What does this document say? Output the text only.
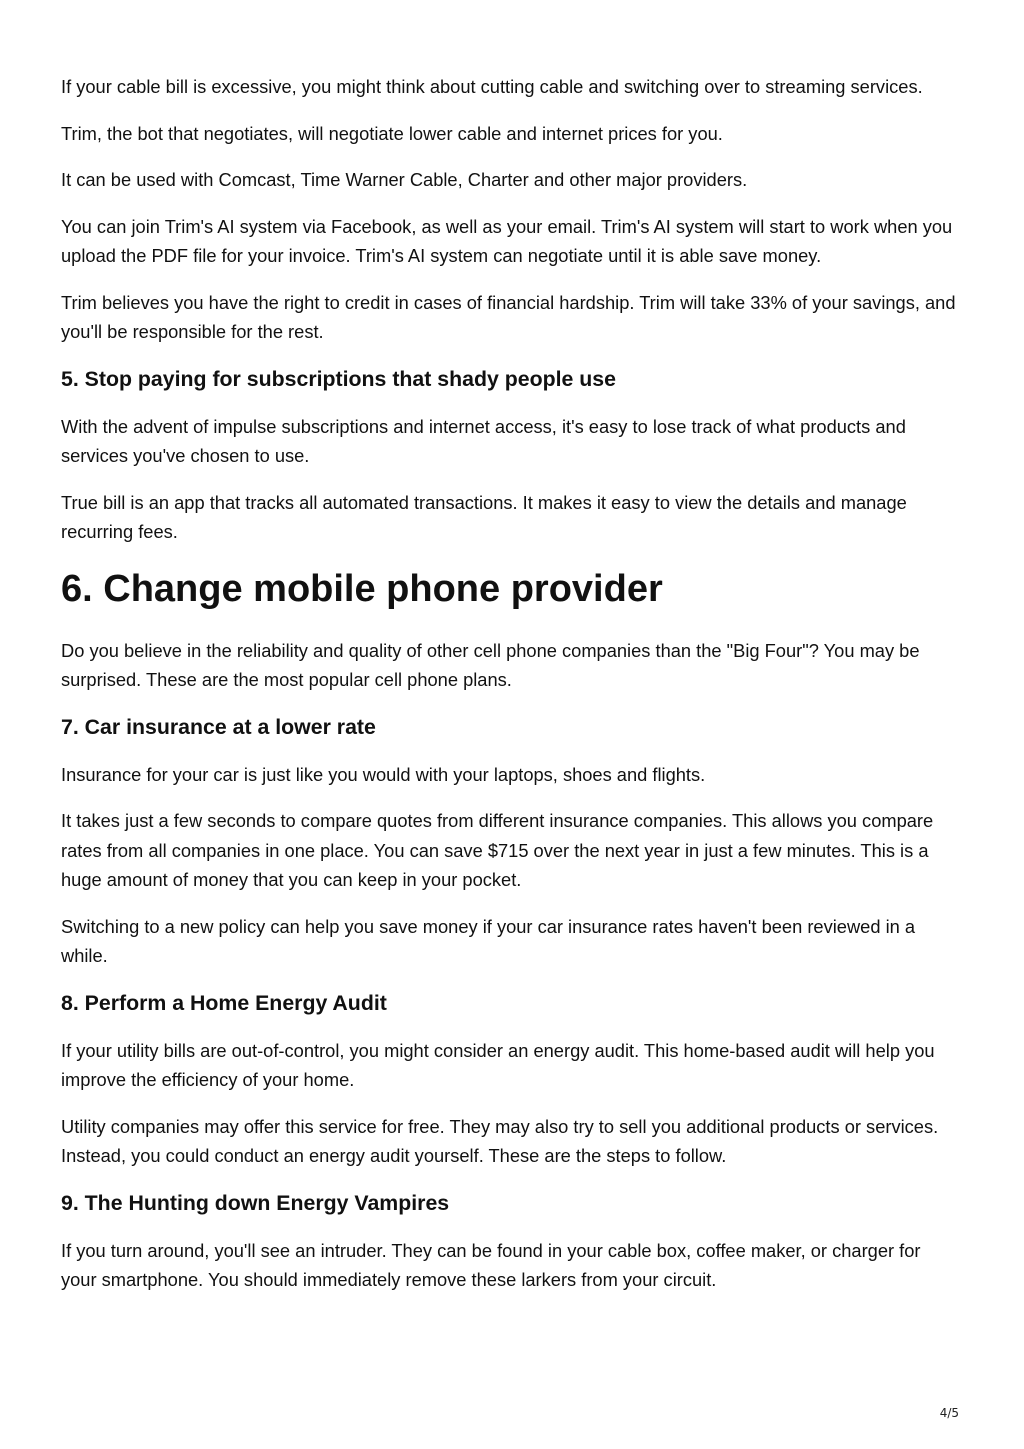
If your cable bill is excessive, you might think about cutting cable and switching over to streaming services.

Trim, the bot that negotiates, will negotiate lower cable and internet prices for you.

It can be used with Comcast, Time Warner Cable, Charter and other major providers.

You can join Trim's AI system via Facebook, as well as your email. Trim's AI system will start to work when you upload the PDF file for your invoice. Trim's AI system can negotiate until it is able save money.

Trim believes you have the right to credit in cases of financial hardship. Trim will take 33% of your savings, and you'll be responsible for the rest.

5. Stop paying for subscriptions that shady people use

With the advent of impulse subscriptions and internet access, it's easy to lose track of what products and services you've chosen to use.

True bill is an app that tracks all automated transactions. It makes it easy to view the details and manage recurring fees.

6. Change mobile phone provider

Do you believe in the reliability and quality of other cell phone companies than the "Big Four"? You may be surprised. These are the most popular cell phone plans.

7. Car insurance at a lower rate

Insurance for your car is just like you would with your laptops, shoes and flights.

It takes just a few seconds to compare quotes from different insurance companies. This allows you compare rates from all companies in one place. You can save $715 over the next year in just a few minutes. This is a huge amount of money that you can keep in your pocket.

Switching to a new policy can help you save money if your car insurance rates haven't been reviewed in a while.

8. Perform a Home Energy Audit

If your utility bills are out-of-control, you might consider an energy audit. This home-based audit will help you improve the efficiency of your home.

Utility companies may offer this service for free. They may also try to sell you additional products or services. Instead, you could conduct an energy audit yourself. These are the steps to follow.

9. The Hunting down Energy Vampires

If you turn around, you'll see an intruder. They can be found in your cable box, coffee maker, or charger for your smartphone. You should immediately remove these larkers from your circuit.

4/5
